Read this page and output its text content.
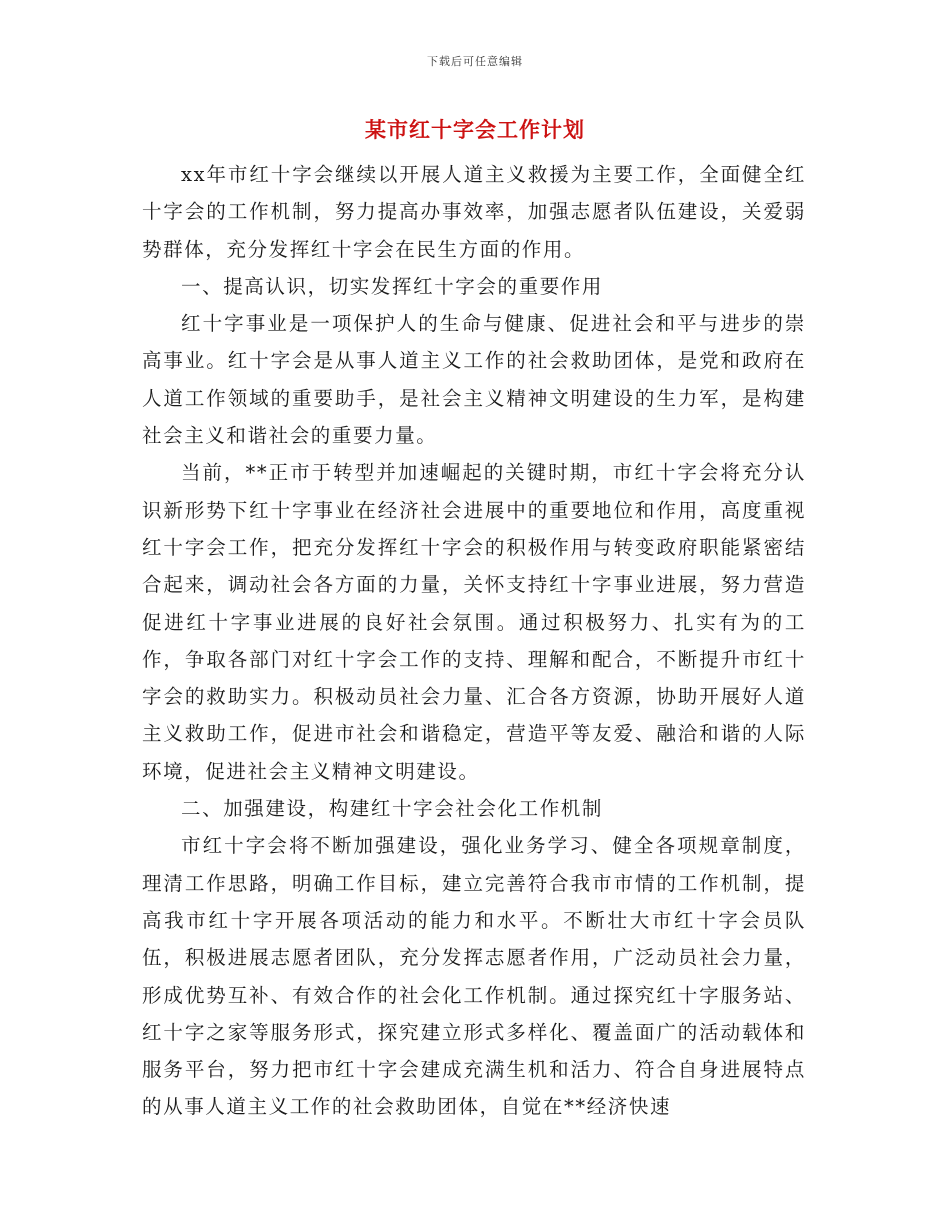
下载后可任意编辑
某市红十字会工作计划

xx年市红十字会继续以开展人道主义救援为主要工作，全面健全红十字会的工作机制，努力提高办事效率，加强志愿者队伍建设，关爱弱势群体，充分发挥红十字会在民生方面的作用。

一、提高认识，切实发挥红十字会的重要作用

红十字事业是一项保护人的生命与健康、促进社会和平与进步的崇高事业。红十字会是从事人道主义工作的社会救助团体，是党和政府在人道工作领域的重要助手，是社会主义精神文明建设的生力军，是构建社会主义和谐社会的重要力量。

当前，**正市于转型并加速崛起的关键时期，市红十字会将充分认识新形势下红十字事业在经济社会进展中的重要地位和作用，高度重视红十字会工作，把充分发挥红十字会的积极作用与转变政府职能紧密结合起来，调动社会各方面的力量，关怀支持红十字事业进展，努力营造促进红十字事业进展的良好社会氛围。通过积极努力、扎实有为的工作，争取各部门对红十字会工作的支持、理解和配合，不断提升市红十字会的救助实力。积极动员社会力量、汇合各方资源，协助开展好人道主义救助工作，促进市社会和谐稳定，营造平等友爱、融洽和谐的人际环境，促进社会主义精神文明建设。

二、加强建设，构建红十字会社会化工作机制

市红十字会将不断加强建设，强化业务学习、健全各项规章制度，理清工作思路，明确工作目标，建立完善符合我市市情的工作机制，提高我市红十字开展各项活动的能力和水平。不断壮大市红十字会员队伍，积极进展志愿者团队，充分发挥志愿者作用，广泛动员社会力量，形成优势互补、有效合作的社会化工作机制。通过探究红十字服务站、红十字之家等服务形式，探究建立形式多样化、覆盖面广的活动载体和服务平台，努力把市红十字会建成充满生机和活力、符合自身进展特点的从事人道主义工作的社会救助团体，自觉在**经济快速
